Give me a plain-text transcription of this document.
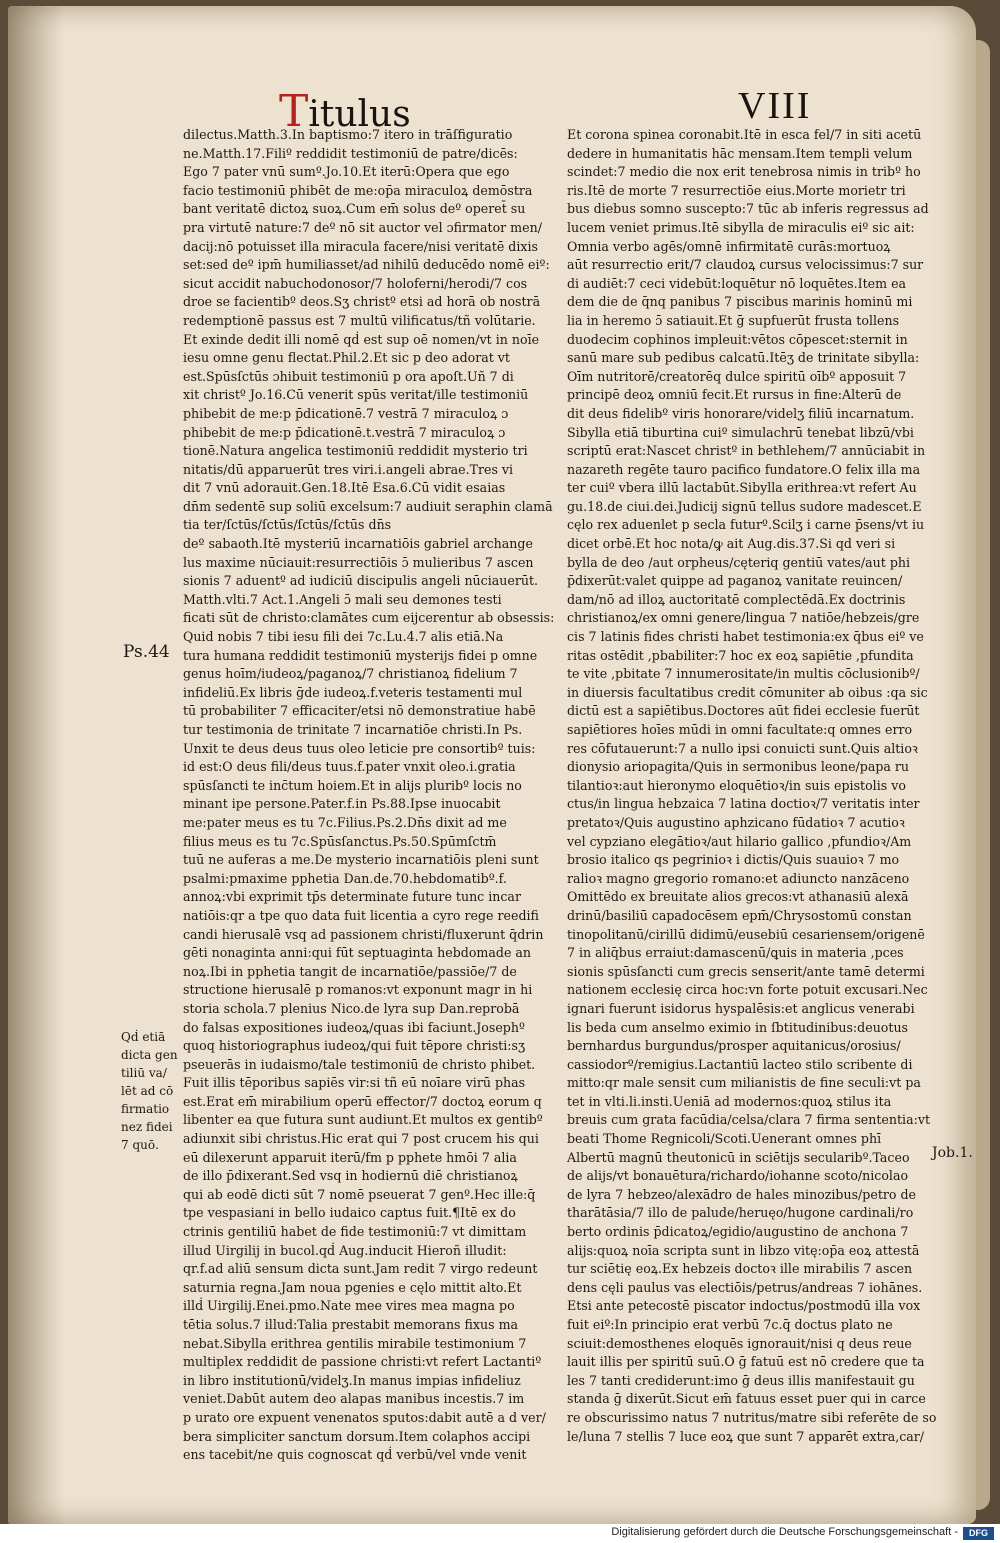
Titulus	VIII

dilectus.Matth.3.In baptismo:7 itero in trāſfiguratio

ne.Matth.17.Filiº reddidit testimoniū de patre/dicēs:

Ego 7 pater vnū sumº.Jo.10.Et iterū:Opera que ego

facio testimoniū phibēt de me:op̄a miraculoꝝ demōstra

bant veritatē dictoꝝ suoꝝ.Cum em̄ solus deº operet̄ su

pra virtutē nature:7 deº nō sit auctor vel ɔfirmator men/

dacij:nō potuisset illa miracula facere/nisi veritatē dixis

set:sed deº ipm̄ humiliasset/ad nihilū deducēdo nomē eiº:

sicut accidit nabuchodonosor/7 holoferni/herodi/7 cos

droe se facientibº deos.Sʒ christº etsi ad horā ob nostrā

redemptionē passus est 7 multū vilificatus/tñ volūtarie.

Et exinde dedit illi nomē qḋ est sup oē nomen/vt in noīe

iesu omne genu flectat.Phil.2.Et sic p deo adorat vt

est.Spūsſctūs ɔhibuit testimoniū p ora apoſt.Uñ 7 di

xit christº Jo.16.Cū venerit spūs veritat/ille testimoniū

phibebit de me:p p̄dicationē.7 vestrā 7 miraculoꝝ ɔ

phibebit de me:p p̄dicationē.t.vestrā 7 miraculoꝝ ɔ

tionē.Natura angelica testimoniū reddidit mysterio tri

nitatis/dū apparuerūt tres viri.i.angeli abrae.Tres vi

dit 7 vnū adorauit.Gen.18.Itē Esa.6.Cū vidit esaias

dn̄m sedentē sup soliū excelsum:7 audiuit seraphin clamā

tia ter/ſctūs/ſctūs/ſctūs/ſctūs dn̄s

deº sabaoth.Itē mysteriū incarnatiōis gabriel archange

lus maxime nūciauit:resurrectiōis ɔ̄ mulieribus 7 ascen

sionis 7 aduentº ad iudiciū discipulis angeli nūciauerūt.

Matth.vlti.7 Act.1.Angeli ɔ̄ mali seu demones testi

ficati sūt de christo:clamātes cum eijcerentur ab obsessis:

Quid nobis 7 tibi iesu fili dei 7c.Lu.4.7 alis etiā.Na

tura humana reddidit testimoniū mysterijs fidei p omne

genus hoīm/iudeoꝝ/paganoꝝ/7 christianoꝝ fidelium 7

infideliū.Ex libris ḡde iudeoꝝ.f.veteris testamenti mul

tū probabiliter 7 efficaciter/etsi nō demonstratiue habē

tur testimonia de trinitate 7 incarnatiōe christi.In Ps.

Unxit te deus deus tuus oleo leticie pre consortibº tuis:

id est:O deus fili/deus tuus.f.pater vnxit oleo.i.gratia

spūsſancti te inc̄tum hoiem.Et in alijs pluribº locis no

minant ipe persone.Pater.f.in Ps.88.Ipse inuocabit

me:pater meus es tu 7c.Filius.Ps.2.Dn̄s dixit ad me

filius meus es tu 7c.Spūsſanctus.Ps.50.Spūmſctm̄

tuū ne auferas a me.De mysterio incarnatiōis pleni sunt

psalmi:pmaxime pphetia Dan.de.70.hebdomatibº.f.

annoꝝ:vbi exprimit tp̄s determinate future tunc incar

natiōis:qr a tpe quo data fuit licentia a cyro rege reedifi

candi hierusalē vsq ad passionem christi/fluxerunt q̄drin

gēti nonaginta anni:qui fūt septuaginta hebdomade an

noꝝ.Ibi in pphetia tangit de incarnatiōe/passiōe/7 de

structione hierusalē p romanos:vt exponunt magr in hi

storia schola.7 plenius Nico.de lyra sup Dan.reprobā

do falsas expositiones iudeoꝝ/quas ibi faciunt.Josephº

quoq historiographus iudeoꝝ/qui fuit tēpore christi:sʒ

pseuerās in iudaismo/tale testimoniū de christo phibet.

Fuit illis tēporibus sapiēs vir:si tñ eū noīare virū phas

est.Erat em̄ mirabilium operū effector/7 doctoꝝ eorum q

libenter ea que futura sunt audiunt.Et multos ex gentibº

adiunxit sibi christus.Hic erat qui 7 post crucem his qui

eū dilexerunt apparuit iterū/fm p pphete hmōi 7 alia

de illo p̄dixerant.Sed vsq in hodiernū diē christianoꝝ

qui ab eodē dicti sūt 7 nomē pseuerat 7 genº.Hec ille:q̄

tpe vespasiani in bello iudaico captus fuit.¶Itē ex do

ctrinis gentiliū habet de fide testimoniū:7 vt dimittam

illud Uirgilij in bucol.qḋ Aug.inducit Hieroñ illudit:

qr.f.ad aliū sensum dicta sunt.Jam redit 7 virgo redeunt

saturnia regna.Jam noua pgenies e cęlo mittit alto.Et

illḋ Uirgilij.Enei.pmo.Nate mee vires mea magna po

tētia solus.7 illud:Talia prestabit memorans fixus ma

nebat.Sibylla erithrea gentilis mirabile testimonium 7

multiplex reddidit de passione christi:vt refert Lactantiº

in libro institutionū/videlʒ.In manus impias infideliuz

veniet.Dabūt autem deo alapas manibus incestis.7 im

p urato ore expuent venenatos sputos:dabit autē a d ver/

bera simpliciter sanctum dorsum.Item colaphos accipi

ens tacebit/ne quis cognoscat qḋ verbū/vel vnde venit

Et corona spinea coronabit.Itē in esca fel/7 in siti acetū

dedere in humanitatis hāc mensam.Item templi velum

scindet:7 medio die nox erit tenebrosa nimis in tribº ho

ris.Itē de morte 7 resurrectiōe eius.Morte morietr tri

bus diebus somno suscepto:7 tūc ab inferis regressus ad

lucem veniet primus.Itē sibylla de miraculis eiº sic ait:

Omnia verbo agēs/omnē infirmitatē curās:mortuoꝝ

aūt resurrectio erit/7 claudoꝝ cursus velocissimus:7 sur

di audiēt:7 ceci videbūt:loquētur nō loquētes.Item ea

dem die de q̄nq panibus 7 piscibus marinis hominū mi

lia in heremo ɔ̄ satiauit.Et ḡ supfuerūt frusta tollens

duodecim cophinos impleuit:vētos cōpescet:sternit in

sanū mare sub pedibus calcatū.Itēʒ de trinitate sibylla:

Oīm nutritorē/creatorēq dulce spiritū oībº apposuit 7

principē deoꝝ omniū fecit.Et rursus in fine:Alterū de

dit deus fidelibº viris honorare/videlʒ filiū incarnatum.

Sibylla etiā tiburtina cuiº simulachrū tenebat libzū/vbi

scriptū erat:Nascet christº in bethlehem/7 annūciabit in

nazareth regēte tauro pacifico fundatore.O felix illa ma

ter cuiº vbera illū lactabūt.Sibylla erithrea:vt refert Au

gu.18.de ciui.dei.Judicij signū tellus sudore madescet.E

cęlo rex aduenlet p secla futurº.Scilʒ i carne p̄sens/vt iu

dicet orbē.Et hoc nota/ꝙ ait Aug.dis.37.Si qd veri si

bylla de deo /aut orpheus/cęteriq gentiū vates/aut phi

p̄dixerūt:valet quippe ad paganoꝝ vanitate reuincen/

dam/nō ad illoꝝ auctoritatē complectēdā.Ex doctrinis

christianoꝝ/ex omni genere/lingua 7 natiōe/hebzeis/gre

cis 7 latinis fides christi habet testimonia:ex q̄bus eiº ve

ritas ostēdit ,pbabiliter:7 hoc ex eoꝝ sapiētie ,pfundita

te vite ,pbitate 7 innumerositate/in multis cōclusionibº/

in diuersis facultatibus credit cōmuniter ab oibus :qa sic

dictū est a sapiētibus.Doctores aūt fidei ecclesie fuerūt

sapiētiores hoīes mūdi in omni facultate:q omnes erro

res cōfutauerunt:7 a nullo ipsi conuicti sunt.Quis altioꝛ

dionysio ariopagita/Quis in sermonibus leone/papa ru

tilantioꝛ:aut hieronymo eloquētioꝛ/in suis epistolis vo

ctus/in lingua hebzaica 7 latina doctioꝛ/7 veritatis inter

pretatoꝛ/Quis augustino aphzicano fūdatioꝛ 7 acutioꝛ

vel cypziano elegātioꝛ/aut hilario gallico ,pfundioꝛ/Am

brosio italico qs pegrinioꝛ i dictis/Quis suauioꝛ 7 mo

ralioꝛ magno gregorio romano:et adiuncto nanzāceno

Omittēdo ex breuitate alios grecos:vt athanasiū alexā

drinū/basiliū capadocēsem epm̄/Chrysostomū constan

tinopolitanū/cirillū didimū/eusebiū cesariensem/origenē

7 in aliq̄bus erraiut:damascenū/ꝗuis in materia ,pces

sionis spūsſancti cum grecis senserit/ante tamē determi

nationem ecclesię circa hoc:vn forte potuit excusari.Nec

ignari fuerunt isidorus hyspalēsis:et anglicus venerabi

lis beda cum anselmo eximio in ſbtitudinibus:deuotus

bernhardus burgundus/prosper aquitanicus/orosius/

cassiodorº/remigius.Lactantiū lacteo stilo scribente di

mitto:qr male sensit cum milianistis de fine seculi:vt pa

tet in vlti.li.insti.Ueniā ad modernos:quoꝝ stilus ita

breuis cum grata facūdia/celsa/clara 7 firma sententia:vt

beati Thome Regnicoli/Scoti.Uenerant omnes phī

Albertū magnū theutonicū in sciētijs secularibº.Taceo

de alijs/vt bonauētura/richardo/iohanne scoto/nicolao

de lyra 7 hebzeo/alexādro de hales minozibus/petro de

tharātāsia/7 illo de palude/heruęo/hugone cardinali/ro

berto ordinis p̄dicatoꝝ/egidio/augustino de anchona 7

alijs:quoꝝ noīa scripta sunt in libzo vitę:op̄a eoꝝ attestā

tur sciētię eoꝝ.Ex hebzeis doctoꝛ ille mirabilis 7 ascen

dens cęli paulus vas electiōis/petrus/andreas 7 iohānes.

Etsi ante petecostē piscator indoctus/postmodū illa vox

fuit eiº:In principio erat verbū 7c.q̄ doctus plato ne

sciuit:demosthenes eloquēs ignorauit/nisi q deus reue

lauit illis per spiritū suū.O ḡ fatuū est nō credere que ta

les 7 tanti crediderunt:imo ḡ deus illis manifestauit gu

standa ḡ dixerūt.Sicut em̄ fatuus esset puer qui in carce

re obscurissimo natus 7 nutritus/matre sibi referēte de so

le/luna 7 stellis 7 luce eoꝝ que sunt 7 apparēt extra,car/

Ps.44

Qḋ etiā

dicta gen

tiliū va/

lēt ad cō

firmatio

nez fidei

7 quō.	Job.1.
Digitalisierung gefördert durch die Deutsche Forschungsgemeinschaft -	DFG
